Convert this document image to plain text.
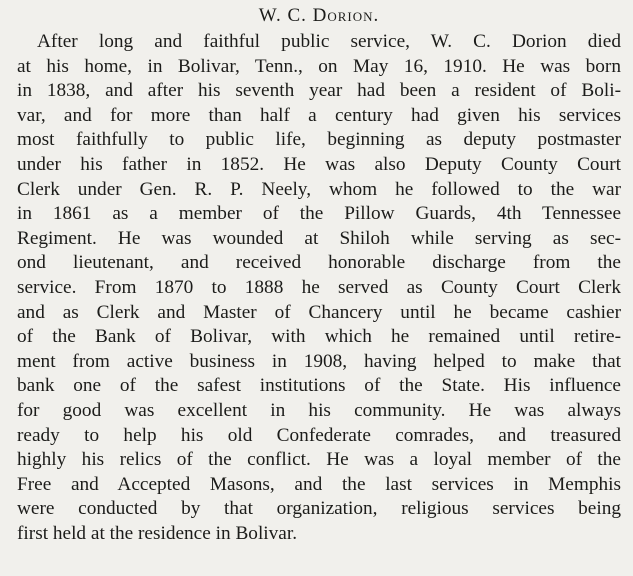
W. C. Dorion.
After long and faithful public service, W. C. Dorion died
at his home, in Bolivar, Tenn., on May 16, 1910. He was born
in 1838, and after his seventh year had been a resident of Boli-
var, and for more than half a century had given his services
most faithfully to public life, beginning as deputy postmaster
under his father in 1852. He was also Deputy County Court
Clerk under Gen. R. P. Neely, whom he followed to the war
in 1861 as a member of the Pillow Guards, 4th Tennessee
Regiment. He was wounded at Shiloh while serving as sec-
ond lieutenant, and received honorable discharge from the
service. From 1870 to 1888 he served as County Court Clerk
and as Clerk and Master of Chancery until he became cashier
of the Bank of Bolivar, with which he remained until retire-
ment from active business in 1908, having helped to make that
bank one of the safest institutions of the State. His influence
for good was excellent in his community. He was always
ready to help his old Confederate comrades, and treasured
highly his relics of the conflict. He was a loyal member of the
Free and Accepted Masons, and the last services in Memphis
were conducted by that organization, religious services being
first held at the residence in Bolivar.
